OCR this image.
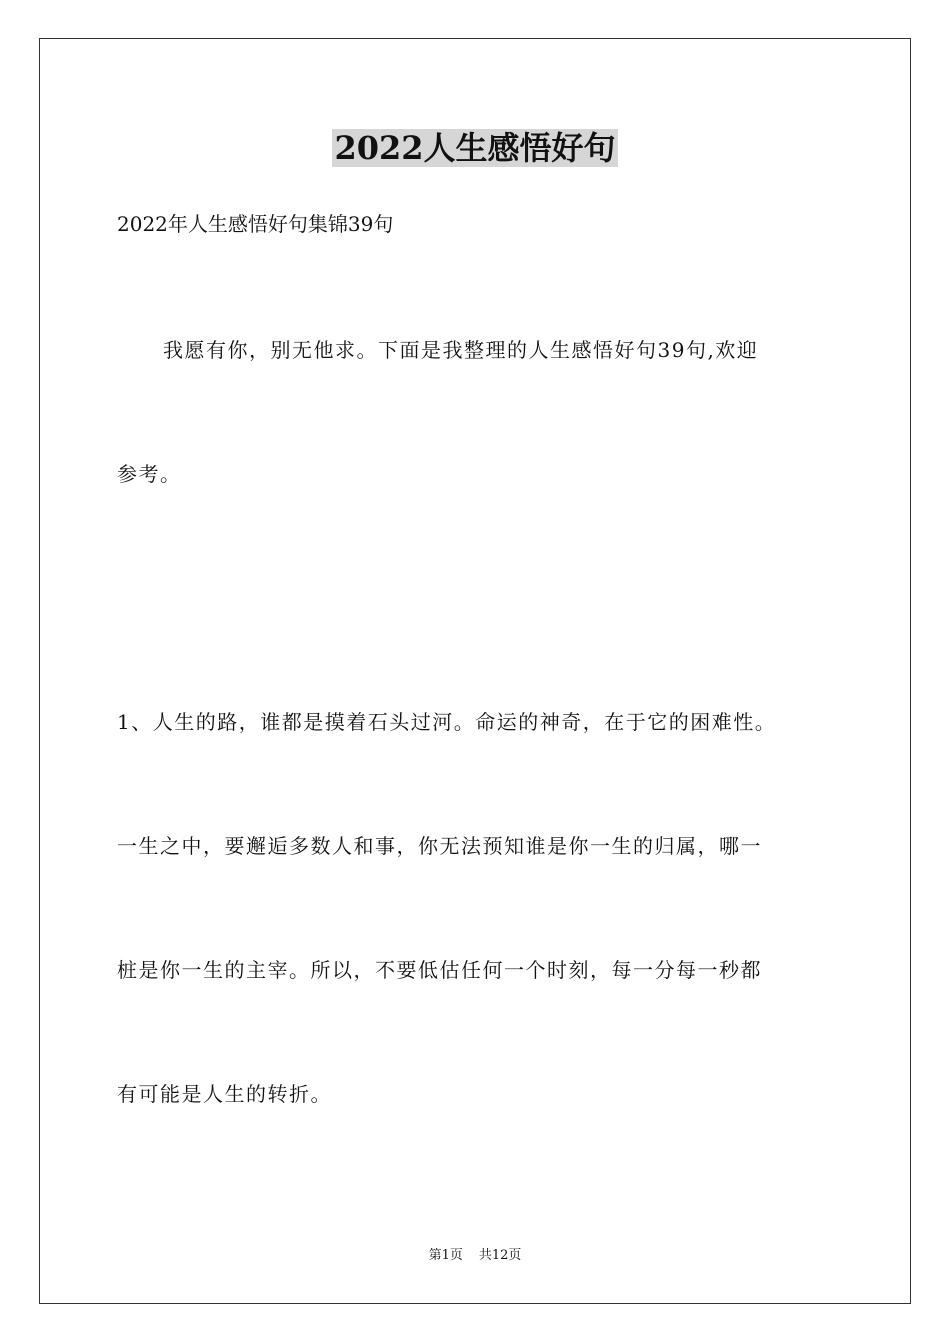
2022人生感悟好句

2022年人生感悟好句集锦39句

我愿有你，别无他求。下面是我整理的人生感悟好句39句,欢迎

参考。

1、人生的路，谁都是摸着石头过河。命运的神奇，在于它的困难性。

一生之中，要邂逅多数人和事，你无法预知谁是你一生的归属，哪一

桩是你一生的主宰。所以，不要低估任何一个时刻，每一分每一秒都

有可能是人生的转折。

第1页 共12页
